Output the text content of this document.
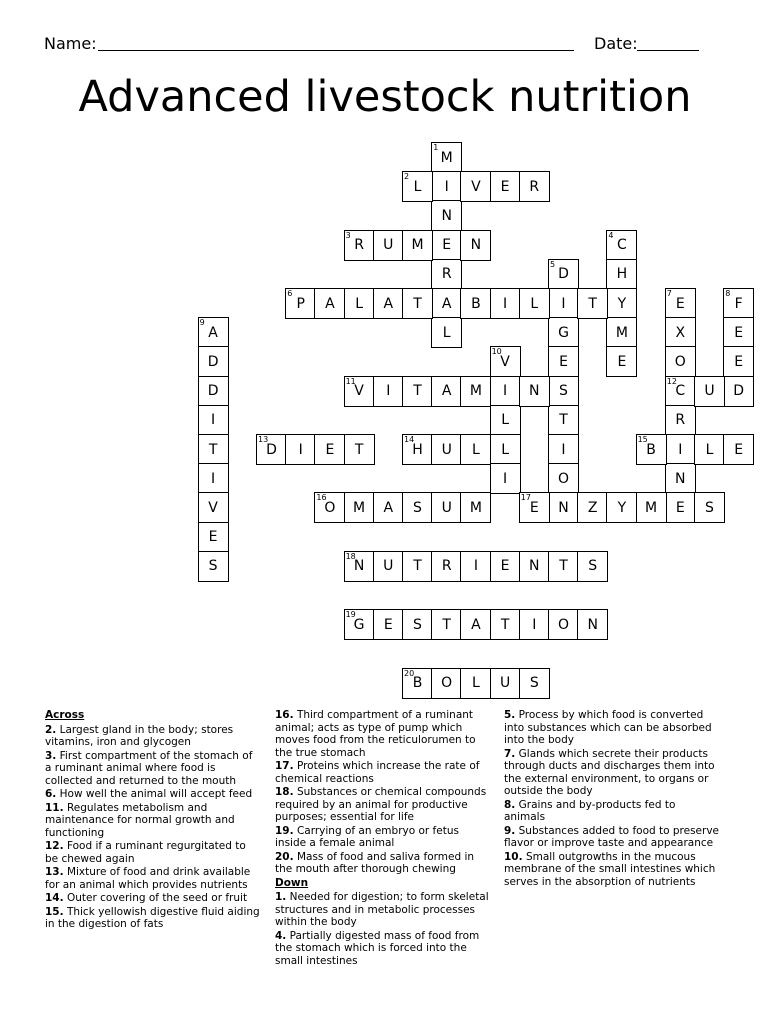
Name:	Date:
Advanced livestock nutrition
1
M
I
N
E
R
A
L
2
L	V E R
3
R U M	N
4
C
H
Y
M
E
5
D
I
G
E
S
T
I
O
N
6
P A L A T	B I L	T
7
E
X
O
12
C
R
I
N
E
8
F
E
E
D
9
A
D
D
I
T
I
V
E
S
10
V
I
L
L
I
11
V I T A M	N	U
13
D I E T
14
H U L
15
B	L E
16
O M A S U M
17
E	Z Y M	S
18
N U T R I E N T S
19
G E S T A T I O N
20
B O L U S
Across
2. Largest gland in the body; stores vitamins, iron and glycogen
3. First compartment of the stomach of a ruminant animal where food is collected and returned to the mouth
6. How well the animal will accept feed
11. Regulates metabolism and maintenance for normal growth and functioning
12. Food if a ruminant regurgitated to be chewed again
13. Mixture of food and drink available for an animal which provides nutrients
14. Outer covering of the seed or fruit
15. Thick yellowish digestive fluid aiding in the digestion of fats
16. Third compartment of a ruminant animal; acts as type of pump which moves food from the reticulorumen to the true stomach
17. Proteins which increase the rate of chemical reactions
18. Substances or chemical compounds required by an animal for productive purposes; essential for life
19. Carrying of an embryo or fetus inside a female animal
20. Mass of food and saliva formed in the mouth after thorough chewing
Down
1. Needed for digestion; to form skeletal structures and in metabolic processes within the body
4. Partially digested mass of food from the stomach which is forced into the small intestines
5. Process by which food is converted into substances which can be absorbed into the body
7. Glands which secrete their products through ducts and discharges them into the external environment, to organs or outside the body
8. Grains and by-products fed to animals
9. Substances added to food to preserve flavor or improve taste and appearance
10. Small outgrowths in the mucous membrane of the small intestines which serves in the absorption of nutrients
